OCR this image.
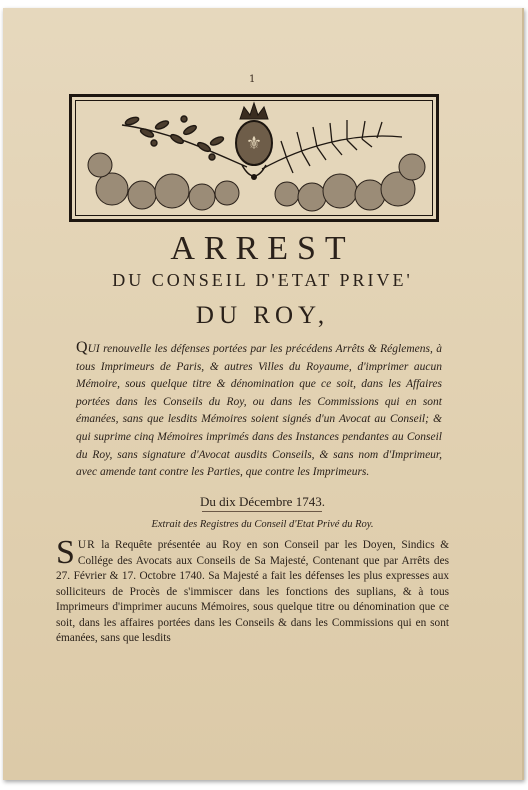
1
⚜
ARREST
DU CONSEIL D'ETAT PRIVE'
DU ROY,
QUI renouvelle les défenses portées par les précédens Arrêts & Réglemens, à tous Imprimeurs de Paris, & autres Villes du Royaume, d'imprimer aucun Mémoire, sous quelque titre & dénomination que ce soit, dans les Affaires portées dans les Conseils du Roy, ou dans les Commissions qui en sont émanées, sans que lesdits Mémoires soient signés d'un Avocat au Conseil; & qui suprime cinq Mémoires imprimés dans des Instances pendantes au Conseil du Roy, sans signature d'Avocat ausdits Conseils, & sans nom d'Imprimeur, avec amende tant contre les Parties, que contre les Imprimeurs.
Du dix Décembre 1743.
Extrait des Registres du Conseil d'Etat Privé du Roy.
SUR la Requête présentée au Roy en son Conseil par les Doyen, Sindics & Collége des Avocats aux Conseils de Sa Majesté, Contenant que par Arrêts des 27. Février & 17. Octobre 1740. Sa Majesté a fait les défenses les plus expresses aux solliciteurs de Procès de s'immiscer dans les fonctions des suplians, & à tous Imprimeurs d'imprimer aucuns Mémoires, sous quelque titre ou dénomination que ce soit, dans les affaires portées dans les Conseils & dans les Commissions qui en sont émanées, sans que lesdits
